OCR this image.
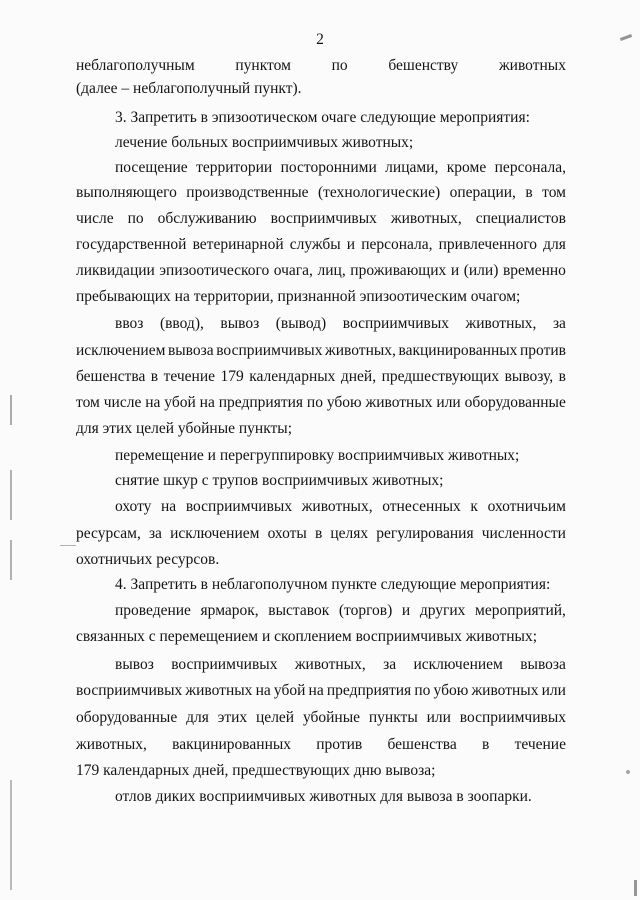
2
неблагополучным	пунктом	по	бешенству	животных
(далее – неблагополучный пункт).
3. Запретить в эпизоотическом очаге следующие мероприятия:
лечение больных восприимчивых животных;
посещение территории посторонними лицами, кроме персонала,
выполняющего производственные (технологические) операции, в том
числе по обслуживанию восприимчивых животных, специалистов
государственной ветеринарной службы и персонала, привлеченного для
ликвидации эпизоотического очага, лиц, проживающих и (или) временно
пребывающих на территории, признанной эпизоотическим очагом;
ввоз (ввод), вывоз (вывод) восприимчивых животных, за
исключением вывоза восприимчивых животных, вакцинированных против
бешенства в течение 179 календарных дней, предшествующих вывозу, в
том числе на убой на предприятия по убою животных или оборудованные
для этих целей убойные пункты;
перемещение и перегруппировку восприимчивых животных;
снятие шкур с трупов восприимчивых животных;
охоту на восприимчивых животных, отнесенных к охотничьим
ресурсам, за исключением охоты в целях регулирования численности
охотничьих ресурсов.
4. Запретить в неблагополучном пункте следующие мероприятия:
проведение ярмарок, выставок (торгов) и других мероприятий,
связанных с перемещением и скоплением восприимчивых животных;
вывоз восприимчивых животных, за исключением вывоза
восприимчивых животных на убой на предприятия по убою животных или
оборудованные для этих целей убойные пункты или восприимчивых
животных, вакцинированных против бешенства в течение
179 календарных дней, предшествующих дню вывоза;
отлов диких восприимчивых животных для вывоза в зоопарки.
